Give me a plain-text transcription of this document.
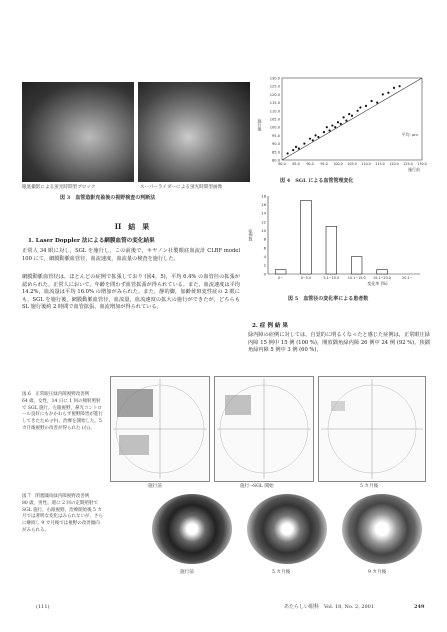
眼底撮影による蛍光時間型ブロック	スーパーライダーによる蛍光時間型画像
図 3　血管造影充盈後の視野検査の判断法
80.0
85.0
90.0
95.0
100.0
105.0
110.0
115.0
120.0
125.0
130.0
80.0 85.0 90.0 95.0 100.0 105.0 110.0 115.0 120.0 125.0 130.0
平均: μm
施行後
施行前
図 4　SGL による血管管理変化
0
2
4
6
8
10
12
14
16
18
0~	0~5.0	5.1~10.0 10.1~15.0 15.1~20.0	20.1~
症例数
変化率 (%)
図 5　血管径の変化率による患者数
II　結　果
1. Laser Doppler 法による網膜血管の変化結果
正常人 34 眼に対し，SGL を施行し，この前後で，キヤノン社製眼底血流計 CLBF model 100 にて，網膜動脈血管径，血流速度，血流量の検査を施行した。
網膜動脈血管径は，ほとんどの症例で拡張しており (図4，5)，平均 6.4% の血管径の拡張が認められた。正常人において，年齢を問わず血管拡張が得られている。また，血流速度は平均 14.2%，血流量は平均 16.0% の増加がみられた。また，静的脚，加齢黄斑変性症の 2 眼にも，SGL を施行後，網膜動脈血管径，血流量，血流速度の拡大の施行ができたが，どちらも SL 施行後約 2 時間で血管拡張，血流増加が得られている。
2. 症 例 結 果
緑内障の症例に対しては，自覚的に明るくなったと感じた症例は，正常眼圧緑内障 15 例中 15 例 (100 %)，開放隅角緑内障 26 例中 24 例 (92 %)。狭隅角緑内障 5 例中 3 例 (60 %)，
図 6　正常眼圧緑内障視野改善例
64 歳，女性，14 日に 1 回の頻射照射で SGL 施行。左眼視野，鼻光コントロール良好にもかかわらず視野障害が進行してきたため (中)，治療を開始した。5 カ月後視野の改善が得られた (右)。
施行前	施行→SGL 開始	5 カ月後
図 7　閉塞隅角緑内障視野改善例
80 歳，男性。週に 2 回の定期照射で SGL 施行，右眼視野。治療開始後 5 カ月では著明な変化はみられないが，さらに継続し 9 カ月後では視野の改善傾向がみられる。
施行前	5 カ月後	9 カ月後
(111)	あたらしい眼科　Vol. 18, No. 2, 2001	249
